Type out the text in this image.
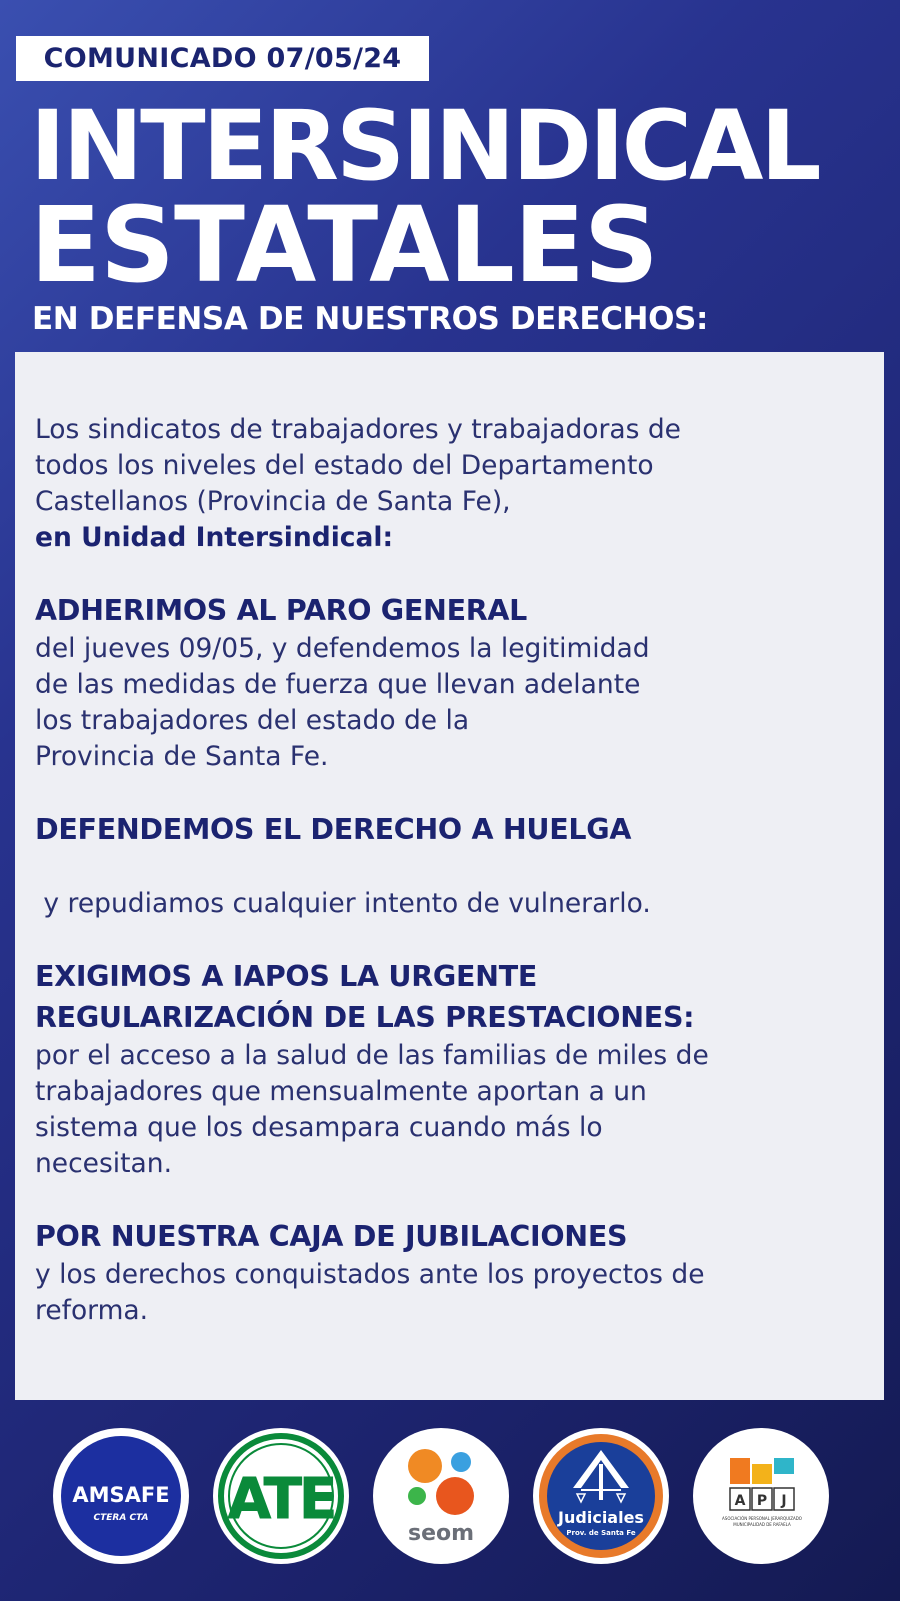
COMUNICADO 07/05/24
INTERSINDICAL
ESTATALES
EN DEFENSA DE NUESTROS DERECHOS:

Los sindicatos de trabajadores y trabajadoras de
todos los niveles del estado del Departamento
Castellanos (Provincia de Santa Fe),
en Unidad Intersindical:

ADHERIMOS AL PARO GENERAL

del jueves 09/05, y defendemos la legitimidad
de las medidas de fuerza que llevan adelante
los trabajadores del estado de la
Provincia de Santa Fe.

DEFENDEMOS EL DERECHO A HUELGA

y repudiamos cualquier intento de vulnerarlo.

EXIGIMOS A IAPOS LA URGENTE

REGULARIZACIÓN DE LAS PRESTACIONES:

por el acceso a la salud de las familias de miles de
trabajadores que mensualmente aportan a un
sistema que los desampara cuando más lo
necesitan.

POR NUESTRA CAJA DE JUBILACIONES

y los derechos conquistados ante los proyectos de
reforma.

AMSAFE
CTERA CTA ATE
seom
Judiciales
Prov. de Santa Fe
A P J
ASOCIACIÓN PERSONAL JERARQUIZADO
MUNICIPALIDAD DE RAFAELA
